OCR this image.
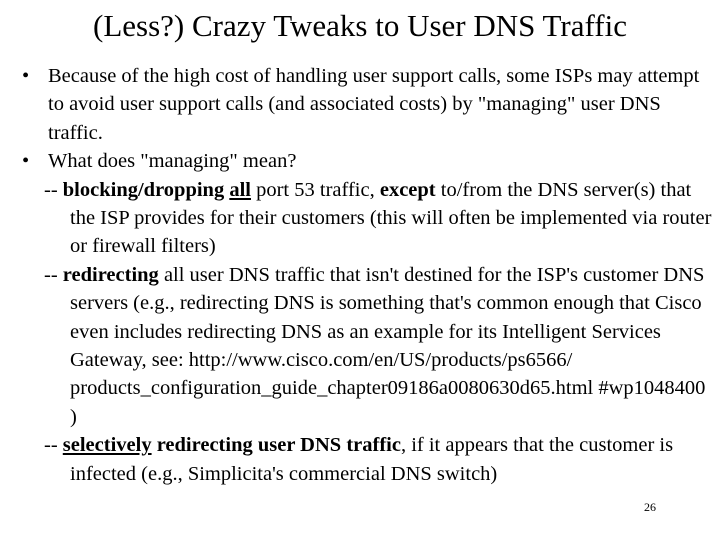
(Less?) Crazy Tweaks to User DNS Traffic

• Because of the high cost of handling user support calls, some ISPs may attempt to avoid user support calls (and associated costs) by "managing" user DNS traffic.

• What does "managing" mean?

-- blocking/dropping all port 53 traffic, except to/from the DNS server(s) that the ISP provides for their customers (this will often be implemented via router or firewall filters)

-- redirecting all user DNS traffic that isn't destined for the ISP's customer DNS servers (e.g., redirecting DNS is something that's common enough that Cisco even includes redirecting DNS as an example for its Intelligent Services Gateway, see: http://www.cisco.com/en/US/products/ps6566/ products_configuration_guide_chapter09186a0080630d65.html #wp1048400 )

-- selectively redirecting user DNS traffic, if it appears that the customer is infected (e.g., Simplicita's commercial DNS switch)

26
